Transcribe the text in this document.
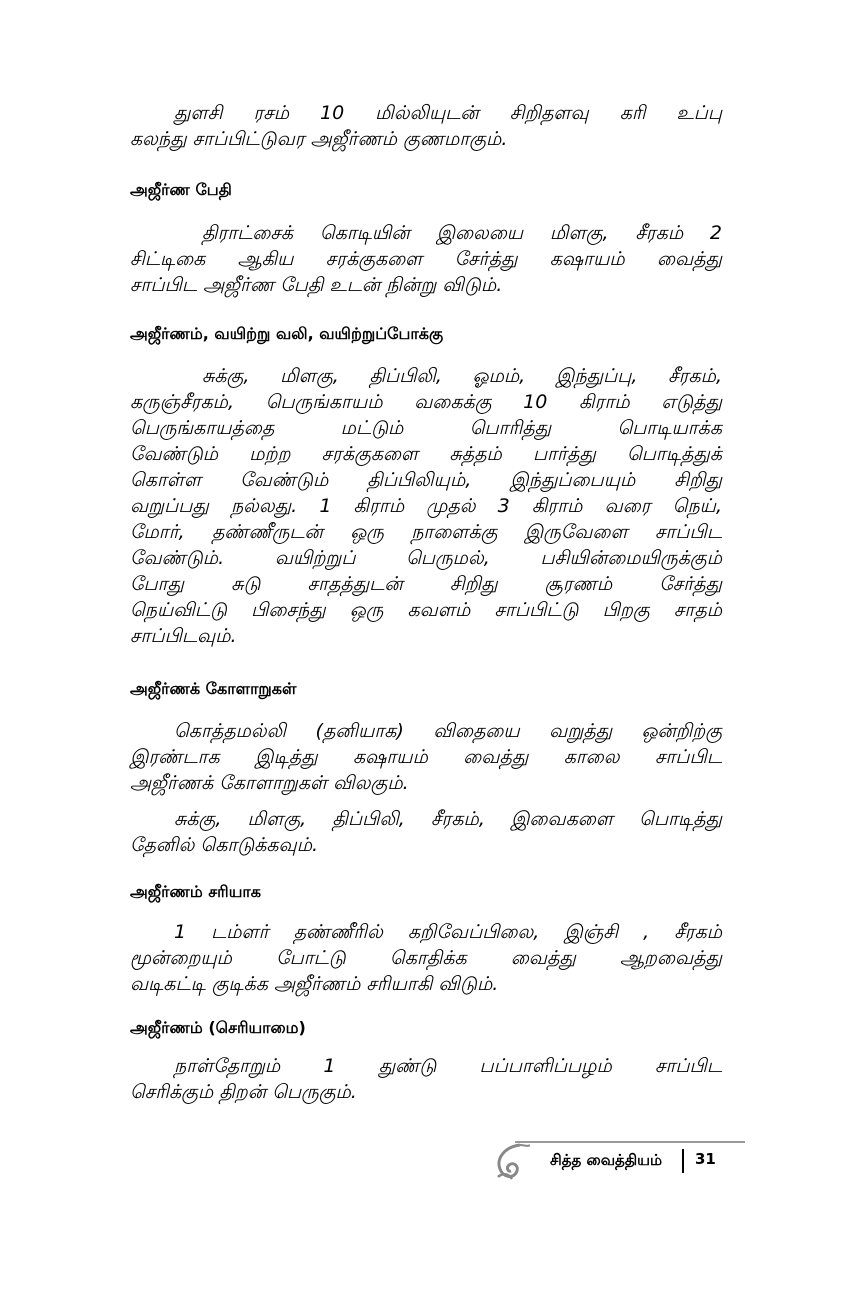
துளசி ரசம் 10 மில்லியுடன் சிறிதளவு கரி உப்பு
கலந்து சாப்பிட்டுவர அஜீர்ணம் குணமாகும்.
அஜீர்ண பேதி
திராட்சைக் கொடியின் இலையை மிளகு, சீரகம் 2
சிட்டிகை ஆகிய சரக்குகளை சேர்த்து கஷாயம் வைத்து
சாப்பிட அஜீர்ண பேதி உடன் நின்று விடும்.
அஜீர்ணம், வயிற்று வலி, வயிற்றுப்போக்கு
சுக்கு, மிளகு, திப்பிலி, ஓமம், இந்துப்பு, சீரகம்,
கருஞ்சீரகம், பெருங்காயம் வகைக்கு 10 கிராம் எடுத்து
பெருங்காயத்தை மட்டும் பொரித்து பொடியாக்க
வேண்டும் மற்ற சரக்குகளை சுத்தம் பார்த்து பொடித்துக்
கொள்ள வேண்டும் திப்பிலியும், இந்துப்பையும் சிறிது
வறுப்பது நல்லது. 1 கிராம் முதல் 3 கிராம் வரை நெய்,
மோர், தண்ணீருடன் ஒரு நாளைக்கு இருவேளை சாப்பிட
வேண்டும். வயிற்றுப் பெருமல், பசியின்மையிருக்கும்
போது சுடு சாதத்துடன் சிறிது சூரணம் சேர்த்து
நெய்விட்டு பிசைந்து ஒரு கவளம் சாப்பிட்டு பிறகு சாதம்
சாப்பிடவும்.
அஜீர்ணக் கோளாறுகள்
கொத்தமல்லி (தனியாக) விதையை வறுத்து ஒன்றிற்கு
இரண்டாக இடித்து கஷாயம் வைத்து காலை சாப்பிட
அஜீர்ணக் கோளாறுகள் விலகும்.
சுக்கு, மிளகு, திப்பிலி, சீரகம், இவைகளை பொடித்து
தேனில் கொடுக்கவும்.
அஜீர்ணம் சரியாக
1 டம்ளர் தண்ணீரில் கறிவேப்பிலை, இஞ்சி , சீரகம்
மூன்றையும் போட்டு கொதிக்க வைத்து ஆறவைத்து
வடிகட்டி குடிக்க அஜீர்ணம் சரியாகி விடும்.
அஜீர்ணம் (செரியாமை)
நாள்தோறும் 1 துண்டு பப்பாளிப்பழம் சாப்பிட
செரிக்கும் திறன் பெருகும்.
சித்த வைத்தியம் 31
